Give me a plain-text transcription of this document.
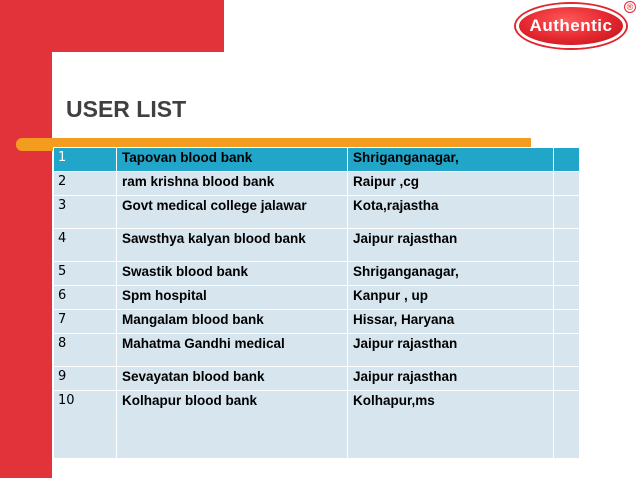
Authentic
®
USER LIST
1	Tapovan blood bank	Shriganganagar,	
2	ram krishna blood bank	Raipur ,cg	
3	Govt medical college jalawar	Kota,rajastha	
4	Sawsthya kalyan blood bank	Jaipur rajasthan	
5	Swastik blood bank	Shriganganagar,	
6	Spm hospital	Kanpur , up	
7	Mangalam blood bank	Hissar, Haryana	
8	Mahatma Gandhi medical	Jaipur rajasthan	
9	Sevayatan blood bank	Jaipur rajasthan	
10	Kolhapur blood bank	Kolhapur,ms	
